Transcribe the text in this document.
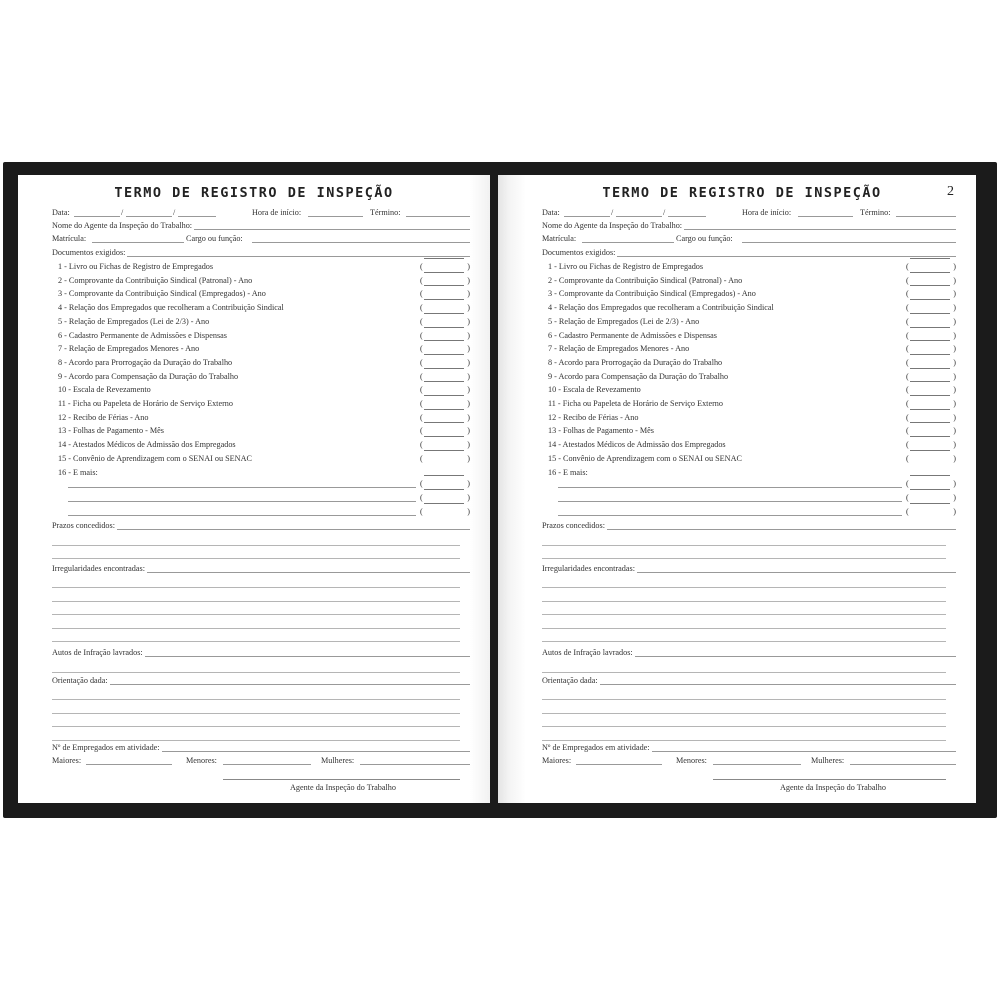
TERMO DE REGISTRO DE INSPEÇÃO
Data:	/	/	Hora de início:	Término:
Nome do Agente da Inspeção do Trabalho:
Matrícula:	Cargo ou função:
Documentos exigidos:
Prazos concedidos:
Irregularidades encontradas:
Autos de Infração lavrados:
Orientação dada:
Nº de Empregados em atividade:
Maiores:	Menores:	Mulheres:
Agente da Inspeção do Trabalho
1 - Livro ou Fichas de Registro de Empregados	(	)
2 - Comprovante da Contribuição Sindical (Patronal) - Ano	(	)
3 - Comprovante da Contribuição Sindical (Empregados) - Ano	(	)
4 - Relação dos Empregados que recolheram a Contribuição Sindical	(	)
5 - Relação de Empregados (Lei de 2/3) - Ano	(	)
6 - Cadastro Permanente de Admissões e Dispensas	(	)
7 - Relação de Empregados Menores - Ano	(	)
8 - Acordo para Prorrogação da Duração do Trabalho	(	)
9 - Acordo para Compensação da Duração do Trabalho	(	)
10 - Escala de Revezamento	(	)
11 - Ficha ou Papeleta de Horário de Serviço Externo	(	)
12 - Recibo de Férias - Ano	(	)
13 - Folhas de Pagamento - Mês	(	)
14 - Atestados Médicos de Admissão dos Empregados	(	)
15 - Convênio de Aprendizagem com o SENAI ou SENAC	(	)
16 - E mais:
(	)
(	)
(	)
TERMO DE REGISTRO DE INSPEÇÃO	2
Data:	/	/	Hora de início:	Término:
Nome do Agente da Inspeção do Trabalho:
Matrícula:	Cargo ou função:
Documentos exigidos:
Prazos concedidos:
Irregularidades encontradas:
Autos de Infração lavrados:
Orientação dada:
Nº de Empregados em atividade:
Maiores:	Menores:	Mulheres:
Agente da Inspeção do Trabalho
1 - Livro ou Fichas de Registro de Empregados	(	)
2 - Comprovante da Contribuição Sindical (Patronal) - Ano	(	)
3 - Comprovante da Contribuição Sindical (Empregados) - Ano	(	)
4 - Relação dos Empregados que recolheram a Contribuição Sindical	(	)
5 - Relação de Empregados (Lei de 2/3) - Ano	(	)
6 - Cadastro Permanente de Admissões e Dispensas	(	)
7 - Relação de Empregados Menores - Ano	(	)
8 - Acordo para Prorrogação da Duração do Trabalho	(	)
9 - Acordo para Compensação da Duração do Trabalho	(	)
10 - Escala de Revezamento	(	)
11 - Ficha ou Papeleta de Horário de Serviço Externo	(	)
12 - Recibo de Férias - Ano	(	)
13 - Folhas de Pagamento - Mês	(	)
14 - Atestados Médicos de Admissão dos Empregados	(	)
15 - Convênio de Aprendizagem com o SENAI ou SENAC	(	)
16 - E mais:
(	)
(	)
(	)
